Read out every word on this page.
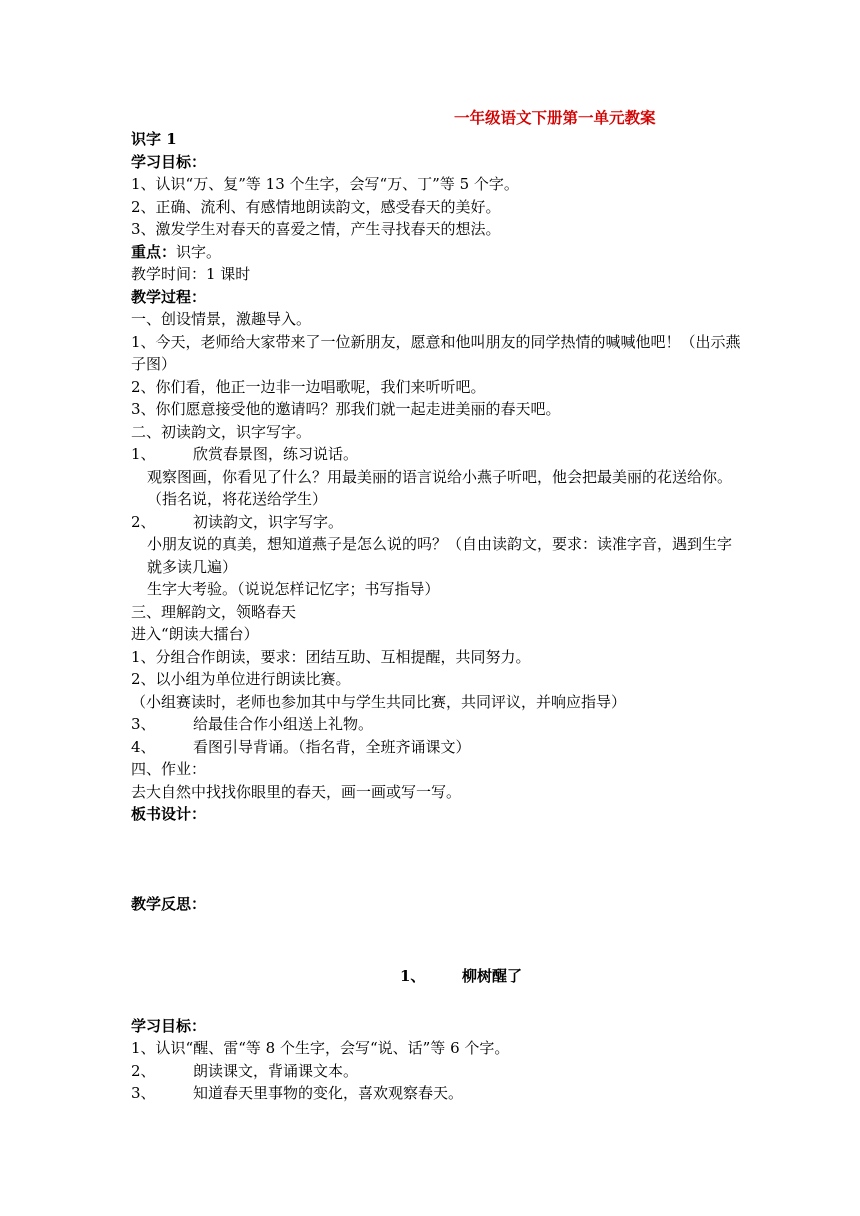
一年级语文下册第一单元教案
识字 1
学习目标：
1、认识“万、复”等 13 个生字，会写“万、丁”等 5 个字。
2、正确、流利、有感情地朗读韵文，感受春天的美好。
3、激发学生对春天的喜爱之情，产生寻找春天的想法。
重点：识字。
教学时间：1 课时
教学过程：
一、创设情景，激趣导入。
1、今天，老师给大家带来了一位新朋友，愿意和他叫朋友的同学热情的喊喊他吧！（出示燕子图）
2、你们看，他正一边非一边唱歌呢，我们来听听吧。
3、你们愿意接受他的邀请吗？那我们就一起走进美丽的春天吧。
二、初读韵文，识字写字。
1、 欣赏春景图，练习说话。
观察图画，你看见了什么？用最美丽的语言说给小燕子听吧，他会把最美丽的花送给你。（指名说，将花送给学生）
2、 初读韵文，识字写字。
小朋友说的真美，想知道燕子是怎么说的吗？（自由读韵文，要求：读准字音，遇到生字就多读几遍）
生字大考验。（说说怎样记忆字；书写指导）
三、理解韵文，领略春天
进入“朗读大擂台）
1、分组合作朗读，要求：团结互助、互相提醒，共同努力。
2、以小组为单位进行朗读比赛。
（小组赛读时，老师也参加其中与学生共同比赛，共同评议，并响应指导）
3、 给最佳合作小组送上礼物。
4、 看图引导背诵。（指名背，全班齐诵课文）
四、作业：
去大自然中找找你眼里的春天，画一画或写一写。
板书设计：
教学反思：
1、 柳树醒了
学习目标：
1、认识“醒、雷“等 8 个生字，会写“说、话”等 6 个字。
2、 朗读课文，背诵课文本。
3、 知道春天里事物的变化，喜欢观察春天。
